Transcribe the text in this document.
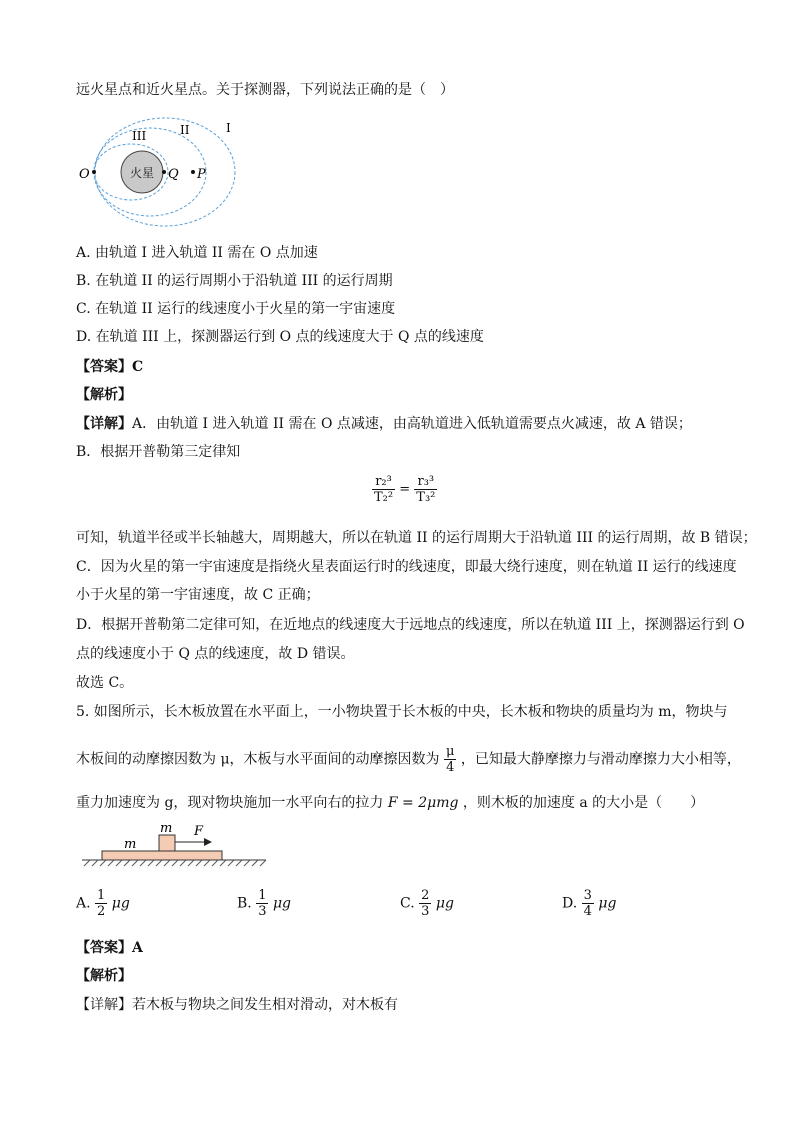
远火星点和近火星点。关于探测器，下列说法正确的是（　）
火星
O	Q P
III	II	I
A. 由轨道 I 进入轨道 II 需在 O 点加速
B. 在轨道 II 的运行周期小于沿轨道 III 的运行周期
C. 在轨道 II 运行的线速度小于火星的第一宇宙速度
D. 在轨道 III 上，探测器运行到 O 点的线速度大于 Q 点的线速度
【答案】C
【解析】
【详解】A．由轨道 I 进入轨道 II 需在 O 点减速，由高轨道进入低轨道需要点火减速，故 A 错误；
B．根据开普勒第三定律知
$\frac{\text{r₂³}}{\text{T₂²}} = \frac{\text{r₃³}}{\text{T₃²}}$
可知，轨道半径或半长轴越大，周期越大，所以在轨道 II 的运行周期大于沿轨道 III 的运行周期，故 B 错误；
C．因为火星的第一宇宙速度是指绕火星表面运行时的线速度，即最大绕行速度，则在轨道 II 运行的线速度
小于火星的第一宇宙速度，故 C 正确；
D．根据开普勒第二定律可知，在近地点的线速度大于远地点的线速度，所以在轨道 III 上，探测器运行到 O
点的线速度小于 Q 点的线速度，故 D 错误。
故选 C。
5. 如图所示，长木板放置在水平面上，一小物块置于长木板的中央，长木板和物块的质量均为 m，物块与
木板间的动摩擦因数为 μ，木板与水平面间的动摩擦因数为 $\frac{\mu}{4}$ ，已知最大静摩擦力与滑动摩擦力大小相等，
重力加速度为 g，现对物块施加一水平向右的拉力 F = 2μmg ，则木板的加速度 a 的大小是（　　）
m
m F
A. $\frac{1}{2}$ μg	B. $\frac{1}{3}$ μg	C. $\frac{2}{3}$ μg	D. $\frac{3}{4}$ μg
【答案】A
【解析】
【详解】若木板与物块之间发生相对滑动，对木板有
